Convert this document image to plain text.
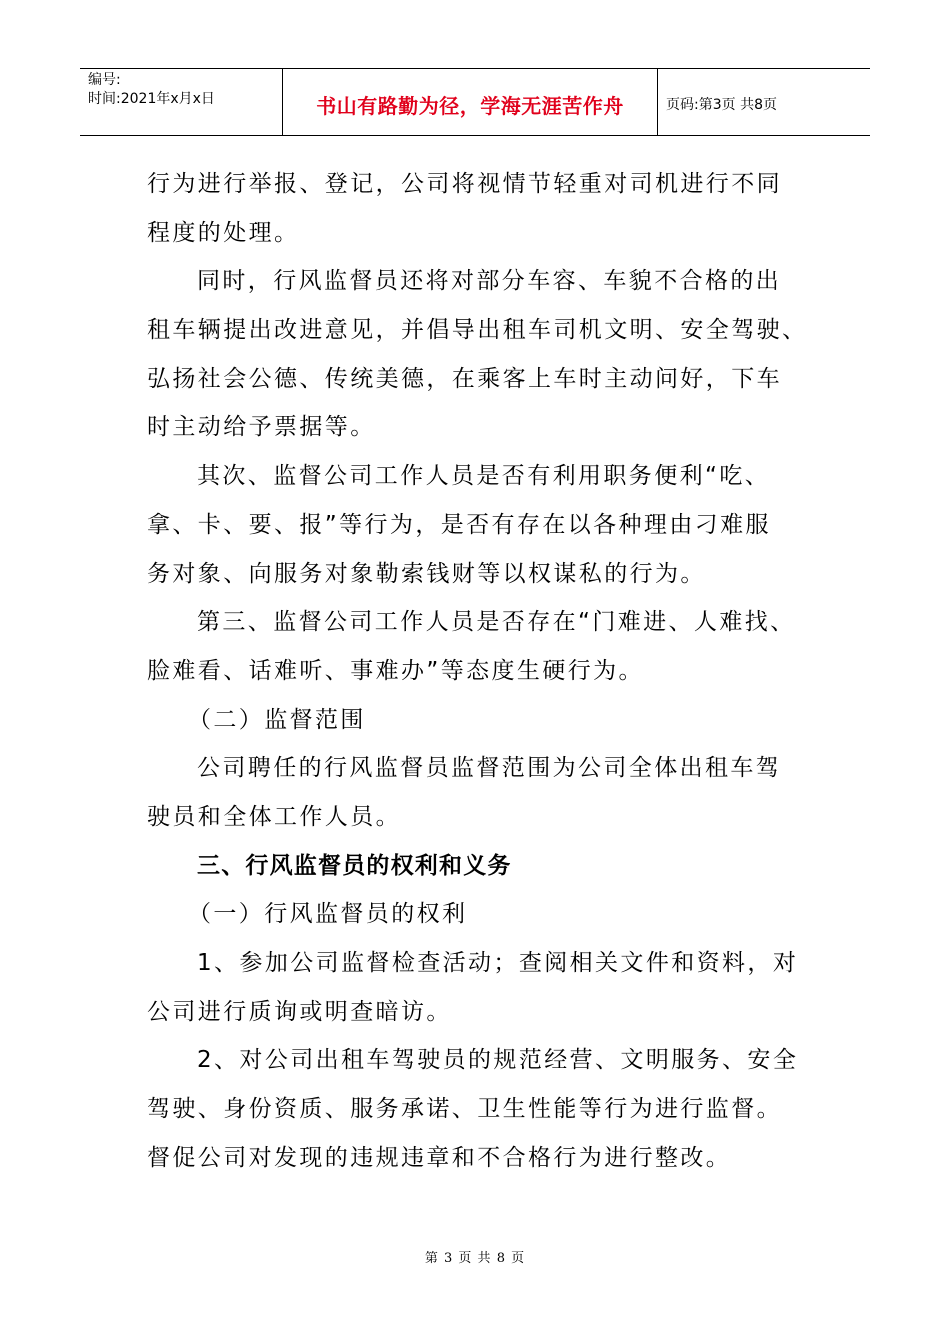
编号:
时间:2021年x月x日	书山有路勤为径，学海无涯苦作舟	页码:第3页 共8页
行为进行举报、登记，公司将视情节轻重对司机进行不同
程度的处理。
同时，行风监督员还将对部分车容、车貌不合格的出
租车辆提出改进意见，并倡导出租车司机文明、安全驾驶、
弘扬社会公德、传统美德，在乘客上车时主动问好，下车
时主动给予票据等。
其次、监督公司工作人员是否有利用职务便利“吃、
拿、卡、要、报”等行为，是否有存在以各种理由刁难服
务对象、向服务对象勒索钱财等以权谋私的行为。
第三、监督公司工作人员是否存在“门难进、人难找、
脸难看、话难听、事难办”等态度生硬行为。
（二）监督范围
公司聘任的行风监督员监督范围为公司全体出租车驾
驶员和全体工作人员。
三、行风监督员的权利和义务
（一）行风监督员的权利
1、参加公司监督检查活动；查阅相关文件和资料，对
公司进行质询或明查暗访。
2、对公司出租车驾驶员的规范经营、文明服务、安全
驾驶、身份资质、服务承诺、卫生性能等行为进行监督。
督促公司对发现的违规违章和不合格行为进行整改。
第 3 页 共 8 页
